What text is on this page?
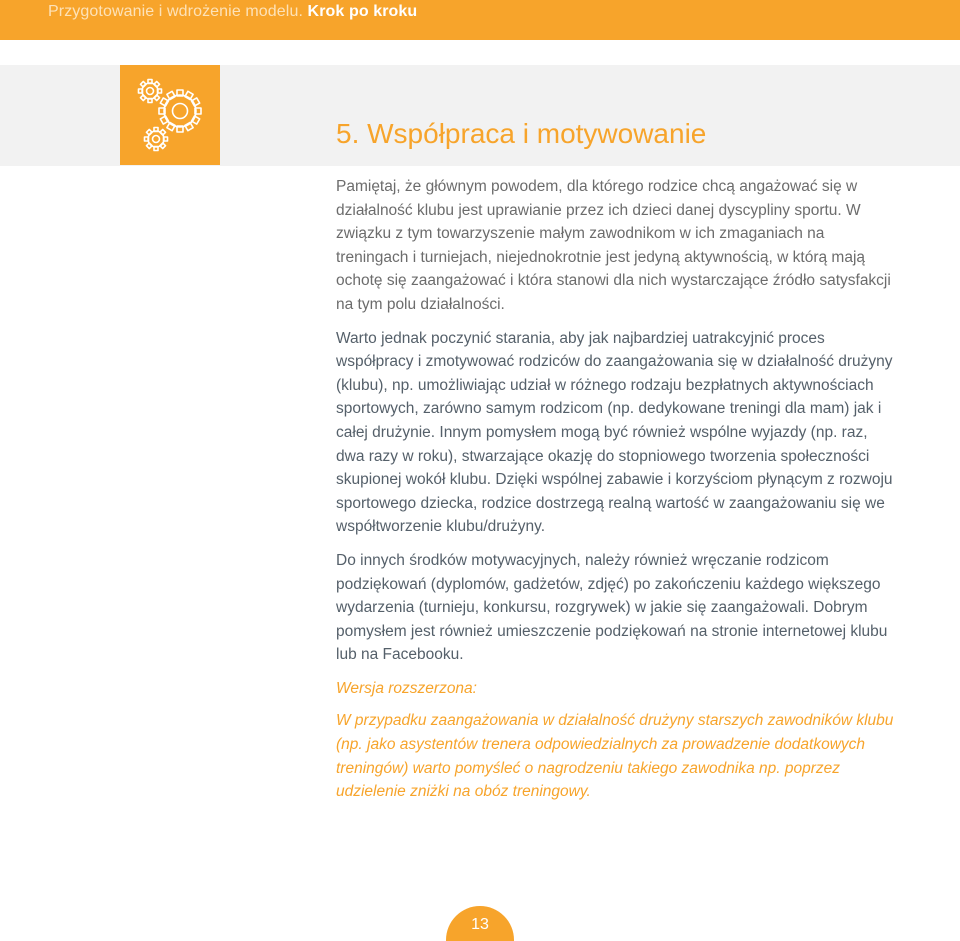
Przygotowanie i wdrożenie modelu. Krok po kroku
5. Współpraca i motywowanie

Pamiętaj, że głównym powodem, dla którego rodzice chcą angażować się w działalność klubu jest uprawianie przez ich dzieci danej dyscypliny sportu. W związku z tym towarzyszenie małym zawodnikom w ich zmaganiach na treningach i turniejach, niejednokrotnie jest jedyną aktywnością, w którą mają ochotę się zaangażować i która stanowi dla nich wystarczające źródło satysfakcji na tym polu działalności.

Warto jednak poczynić starania, aby jak najbardziej uatrakcyjnić proces współpracy i zmotywować rodziców do zaangażowania się w działalność drużyny (klubu), np. umożliwiając udział w różnego rodzaju bezpłatnych aktywnościach sportowych, zarówno samym rodzicom (np. dedykowane treningi dla mam) jak i całej drużynie. Innym pomysłem mogą być również wspólne wyjazdy (np. raz, dwa razy w roku), stwarzające okazję do stopniowego tworzenia społeczności skupionej wokół klubu. Dzięki wspólnej zabawie i korzyściom płynącym z rozwoju sportowego dziecka, rodzice dostrzegą realną wartość w zaangażowaniu się we współtworzenie klubu/drużyny.

Do innych środków motywacyjnych, należy również wręczanie rodzicom podziękowań (dyplomów, gadżetów, zdjęć) po zakończeniu każdego większego wydarzenia (turnieju, konkursu, rozgrywek) w jakie się zaangażowali. Dobrym pomysłem jest również umieszczenie podziękowań na stronie internetowej klubu lub na Facebooku.

Wersja rozszerzona:

W przypadku zaangażowania w działalność drużyny starszych zawodników klubu (np. jako asystentów trenera odpowiedzialnych za prowadzenie dodatkowych treningów) warto pomyśleć o nagrodzeniu takiego zawodnika np. poprzez udzielenie zniżki na obóz treningowy.

13
